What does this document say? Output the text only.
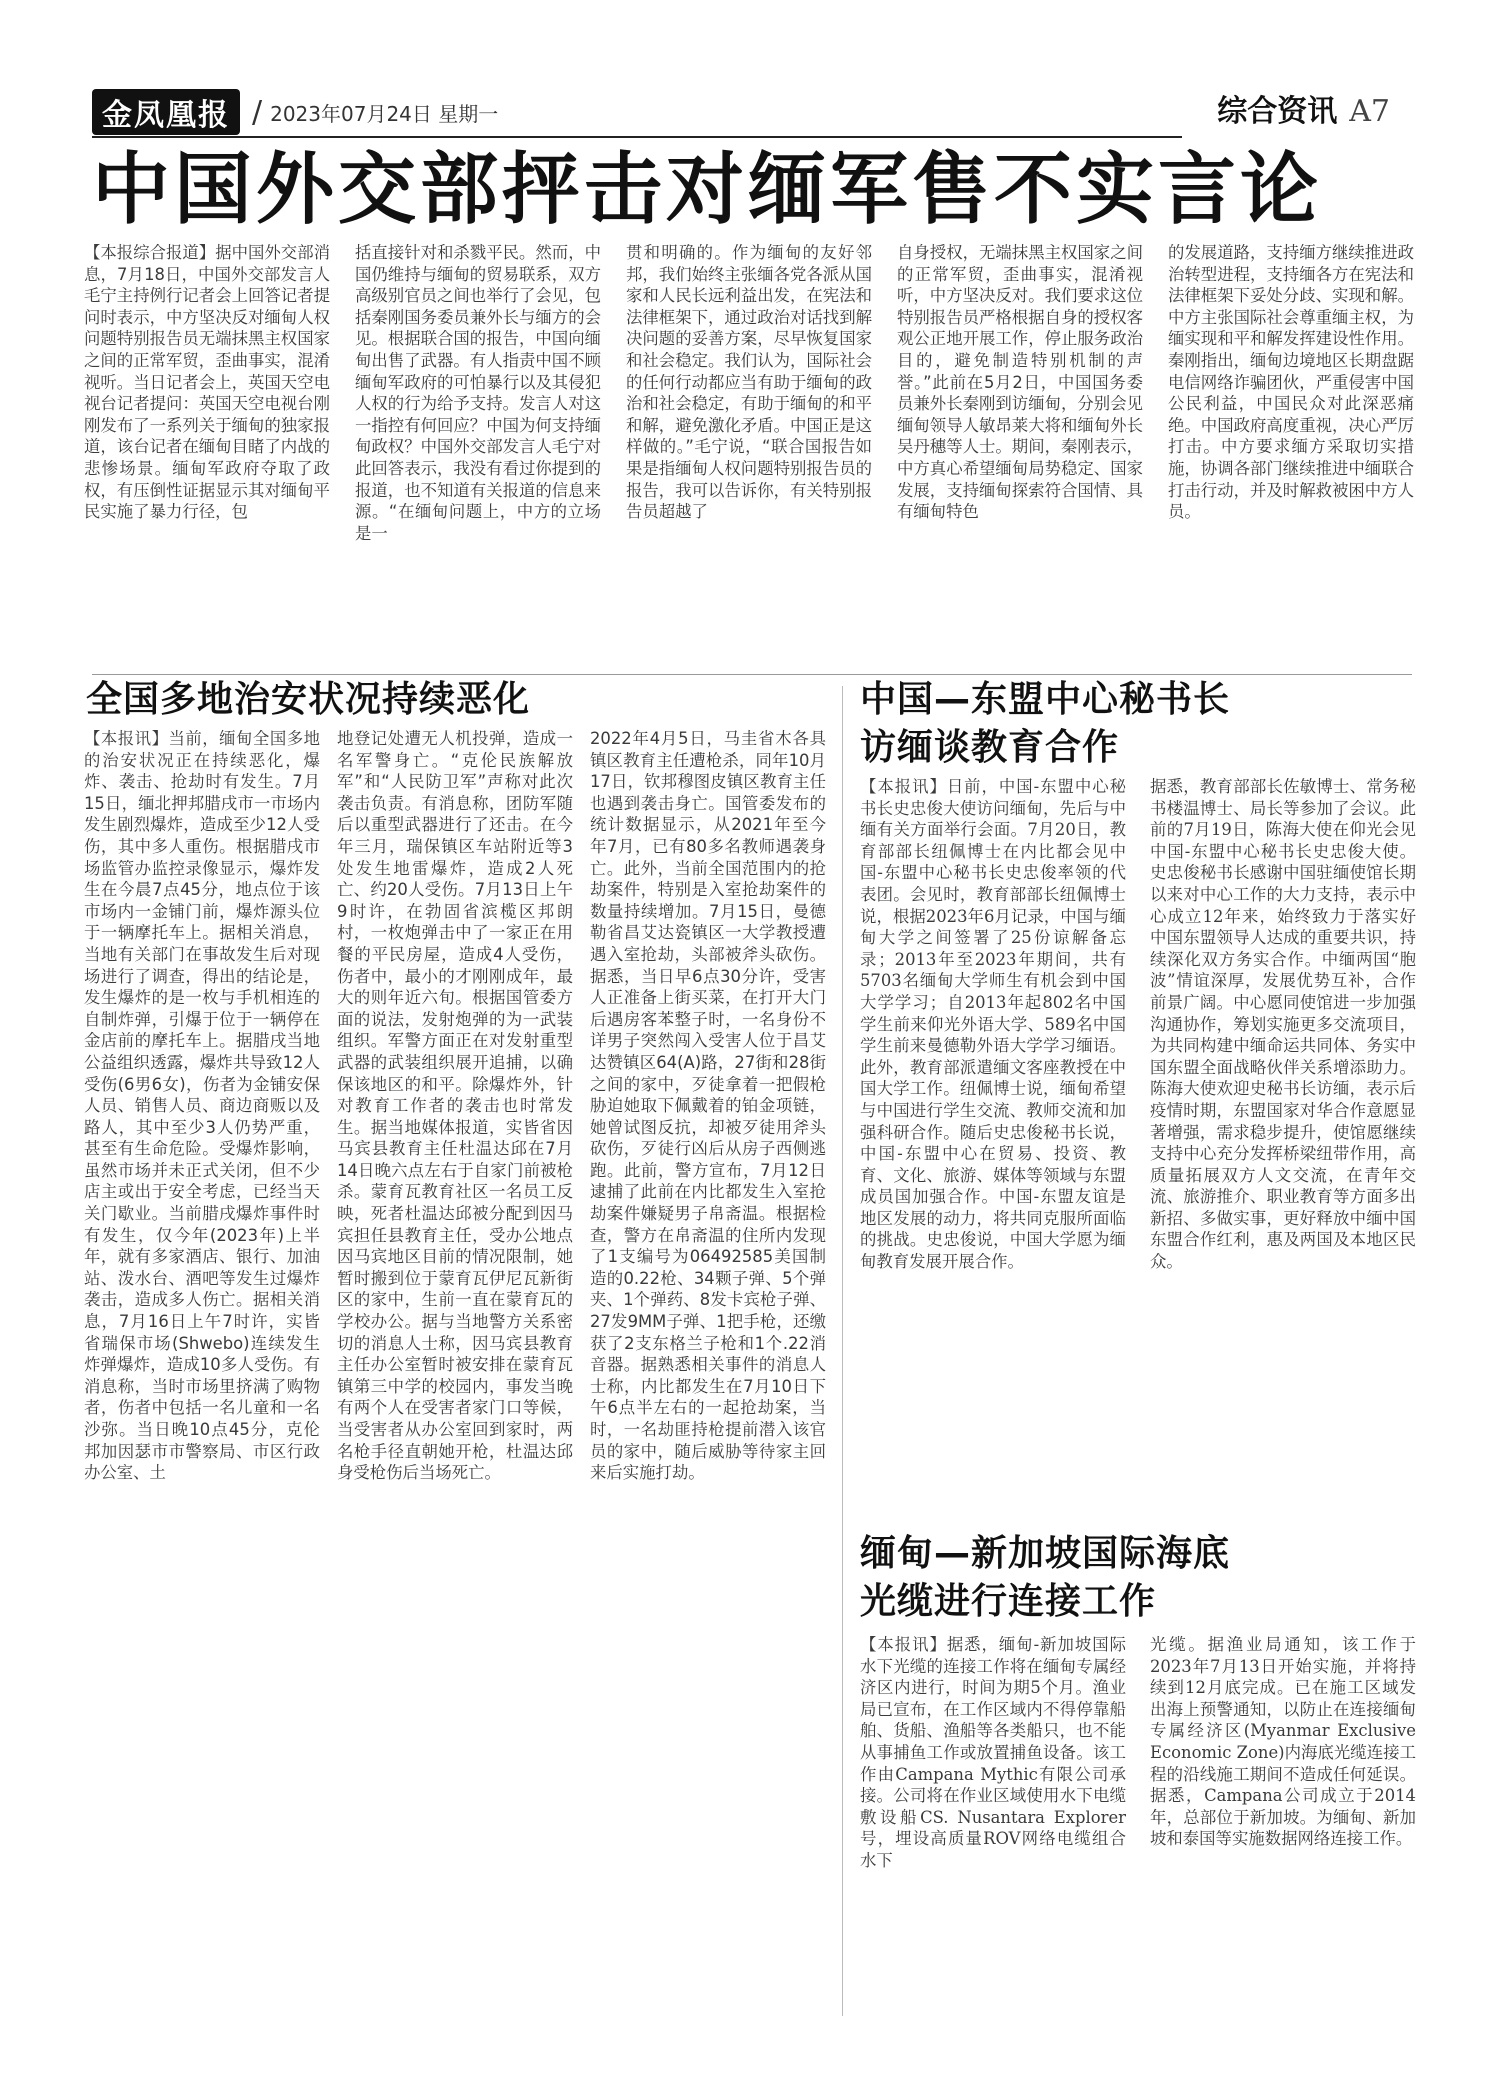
金凤凰报 / 2023年07月24日 星期一	综合资讯 A7
中国外交部抨击对缅军售不实言论

【本报综合报道】据中国外交部消息，7月18日，中国外交部发言人毛宁主持例行记者会上回答记者提问时表示，中方坚决反对缅甸人权问题特别报告员无端抹黑主权国家之间的正常军贸，歪曲事实，混淆视听。当日记者会上，英国天空电视台记者提问：英国天空电视台刚刚发布了一系列关于缅甸的独家报道，该台记者在缅甸目睹了内战的悲惨场景。缅甸军政府夺取了政权，有压倒性证据显示其对缅甸平民实施了暴力行径，包

括直接针对和杀戮平民。然而，中国仍维持与缅甸的贸易联系，双方高级别官员之间也举行了会见，包括秦刚国务委员兼外长与缅方的会见。根据联合国的报告，中国向缅甸出售了武器。有人指责中国不顾缅甸军政府的可怕暴行以及其侵犯人权的行为给予支持。发言人对这一指控有何回应？中国为何支持缅甸政权？中国外交部发言人毛宁对此回答表示，我没有看过你提到的报道，也不知道有关报道的信息来源。“在缅甸问题上，中方的立场是一

贯和明确的。作为缅甸的友好邻邦，我们始终主张缅各党各派从国家和人民长远利益出发，在宪法和法律框架下，通过政治对话找到解决问题的妥善方案，尽早恢复国家和社会稳定。我们认为，国际社会的任何行动都应当有助于缅甸的政治和社会稳定，有助于缅甸的和平和解，避免激化矛盾。中国正是这样做的。”毛宁说，“联合国报告如果是指缅甸人权问题特别报告员的报告，我可以告诉你，有关特别报告员超越了

自身授权，无端抹黑主权国家之间的正常军贸，歪曲事实，混淆视听，中方坚决反对。我们要求这位特别报告员严格根据自身的授权客观公正地开展工作，停止服务政治目的，避免制造特别机制的声誉。”此前在5月2日，中国国务委员兼外长秦刚到访缅甸，分别会见缅甸领导人敏昂莱大将和缅甸外长吴丹穗等人士。期间，秦刚表示，中方真心希望缅甸局势稳定、国家发展，支持缅甸探索符合国情、具有缅甸特色

的发展道路，支持缅方继续推进政治转型进程，支持缅各方在宪法和法律框架下妥处分歧、实现和解。中方主张国际社会尊重缅主权，为缅实现和平和解发挥建设性作用。秦刚指出，缅甸边境地区长期盘踞电信网络诈骗团伙，严重侵害中国公民利益，中国民众对此深恶痛绝。中国政府高度重视，决心严厉打击。中方要求缅方采取切实措施，协调各部门继续推进中缅联合打击行动，并及时解救被困中方人员。

全国多地治安状况持续恶化

【本报讯】当前，缅甸全国多地的治安状况正在持续恶化，爆炸、袭击、抢劫时有发生。7月15日，缅北押邦腊戌市一市场内发生剧烈爆炸，造成至少12人受伤，其中多人重伤。根据腊戌市场监管办监控录像显示，爆炸发生在今晨7点45分，地点位于该市场内一金铺门前，爆炸源头位于一辆摩托车上。据相关消息，当地有关部门在事故发生后对现场进行了调查，得出的结论是，发生爆炸的是一枚与手机相连的自制炸弹，引爆于位于一辆停在金店前的摩托车上。据腊戌当地公益组织透露，爆炸共导致12人受伤(6男6女)，伤者为金铺安保人员、销售人员、商边商贩以及路人，其中至少3人仍势严重，甚至有生命危险。受爆炸影响，虽然市场并未正式关闭，但不少店主或出于安全考虑，已经当天关门歇业。当前腊戌爆炸事件时有发生，仅今年(2023年)上半年，就有多家酒店、银行、加油站、泼水台、酒吧等发生过爆炸袭击，造成多人伤亡。据相关消息，7月16日上午7时许，实皆省瑞保市场(Shwebo)连续发生炸弹爆炸，造成10多人受伤。有消息称，当时市场里挤满了购物者，伤者中包括一名儿童和一名沙弥。当日晚10点45分，克伦邦加因瑟市市警察局、市区行政办公室、土

地登记处遭无人机投弹，造成一名军警身亡。“克伦民族解放军”和“人民防卫军”声称对此次袭击负责。有消息称，团防军随后以重型武器进行了还击。在今年三月，瑞保镇区车站附近等3处发生地雷爆炸，造成2人死亡、约20人受伤。7月13日上午9时许，在勃固省滨榄区邦朗村，一枚炮弹击中了一家正在用餐的平民房屋，造成4人受伤，伤者中，最小的才刚刚成年，最大的则年近六旬。根据国管委方面的说法，发射炮弹的为一武装组织。军警方面正在对发射重型武器的武装组织展开追捕，以确保该地区的和平。除爆炸外，针对教育工作者的袭击也时常发生。据当地媒体报道，实皆省因马宾县教育主任杜温达邱在7月14日晚六点左右于自家门前被枪杀。蒙育瓦教育社区一名员工反映，死者杜温达邱被分配到因马宾担任县教育主任，受办公地点因马宾地区目前的情况限制，她暂时搬到位于蒙育瓦伊尼瓦新街区的家中，生前一直在蒙育瓦的学校办公。据与当地警方关系密切的消息人士称，因马宾县教育主任办公室暂时被安排在蒙育瓦镇第三中学的校园内，事发当晚有两个人在受害者家门口等候，当受害者从办公室回到家时，两名枪手径直朝她开枪，杜温达邱身受枪伤后当场死亡。

2022年4月5日，马圭省木各具镇区教育主任遭枪杀，同年10月17日，钦邦穆图皮镇区教育主任也遇到袭击身亡。国管委发布的统计数据显示，从2021年至今年7月，已有80多名教师遇袭身亡。此外，当前全国范围内的抢劫案件，特别是入室抢劫案件的数量持续增加。7月15日，曼德勒省昌艾达瓷镇区一大学教授遭遇入室抢劫，头部被斧头砍伤。据悉，当日早6点30分许，受害人正准备上街买菜，在打开大门后遇房客苯整子时，一名身份不详男子突然闯入受害人位于昌艾达赞镇区64(A)路，27街和28街之间的家中，歹徒拿着一把假枪胁迫她取下佩戴着的铂金项链，她曾试图反抗，却被歹徒用斧头砍伤，歹徒行凶后从房子西侧逃跑。此前，警方宣布，7月12日逮捕了此前在内比都发生入室抢劫案件嫌疑男子帛斋温。根据检查，警方在帛斋温的住所内发现了1支编号为06492585美国制造的0.22枪、34颗子弹、5个弹夹、1个弹药、8发卡宾枪子弹、27发9MM子弹、1把手枪，还缴获了2支东格兰子枪和1个.22消音器。据熟悉相关事件的消息人士称，内比都发生在7月10日下午6点半左右的一起抢劫案，当时，一名劫匪持枪提前潜入该官员的家中，随后威胁等待家主回来后实施打劫。

中国—东盟中心秘书长
访缅谈教育合作

【本报讯】日前，中国-东盟中心秘书长史忠俊大使访问缅甸，先后与中缅有关方面举行会面。7月20日，教育部部长纽佩博士在内比都会见中国-东盟中心秘书长史忠俊率领的代表团。会见时，教育部部长纽佩博士说，根据2023年6月记录，中国与缅甸大学之间签署了25份谅解备忘录；2013年至2023年期间，共有5703名缅甸大学师生有机会到中国大学学习；自2013年起802名中国学生前来仰光外语大学、589名中国学生前来曼德勒外语大学学习缅语。此外，教育部派遣缅文客座教授在中国大学工作。纽佩博士说，缅甸希望与中国进行学生交流、教师交流和加强科研合作。随后史忠俊秘书长说，中国-东盟中心在贸易、投资、教育、文化、旅游、媒体等领域与东盟成员国加强合作。中国-东盟友谊是地区发展的动力，将共同克服所面临的挑战。史忠俊说，中国大学愿为缅甸教育发展开展合作。

据悉，教育部部长佐敏博士、常务秘书楼温博士、局长等参加了会议。此前的7月19日，陈海大使在仰光会见中国-东盟中心秘书长史忠俊大使。史忠俊秘书长感谢中国驻缅使馆长期以来对中心工作的大力支持，表示中心成立12年来，始终致力于落实好中国东盟领导人达成的重要共识，持续深化双方务实合作。中缅两国“胞波”情谊深厚，发展优势互补，合作前景广阔。中心愿同使馆进一步加强沟通协作，筹划实施更多交流项目，为共同构建中缅命运共同体、务实中国东盟全面战略伙伴关系增添助力。陈海大使欢迎史秘书长访缅，表示后疫情时期，东盟国家对华合作意愿显著增强，需求稳步提升，使馆愿继续支持中心充分发挥桥梁纽带作用，高质量拓展双方人文交流，在青年交流、旅游推介、职业教育等方面多出新招、多做实事，更好释放中缅中国东盟合作红利，惠及两国及本地区民众。

缅甸—新加坡国际海底
光缆进行连接工作

【本报讯】据悉，缅甸-新加坡国际水下光缆的连接工作将在缅甸专属经济区内进行，时间为期5个月。渔业局已宣布，在工作区域内不得停靠船舶、货船、渔船等各类船只，也不能从事捕鱼工作或放置捕鱼设备。该工作由Campana Mythic有限公司承接。公司将在作业区域使用水下电缆敷设船CS. Nusantara Explorer号，埋设高质量ROV网络电缆组合水下

光缆。据渔业局通知，该工作于2023年7月13日开始实施，并将持续到12月底完成。已在施工区域发出海上预警通知，以防止在连接缅甸专属经济区(Myanmar Exclusive Economic Zone)内海底光缆连接工程的沿线施工期间不造成任何延误。据悉，Campana公司成立于2014年，总部位于新加坡。为缅甸、新加坡和泰国等实施数据网络连接工作。
